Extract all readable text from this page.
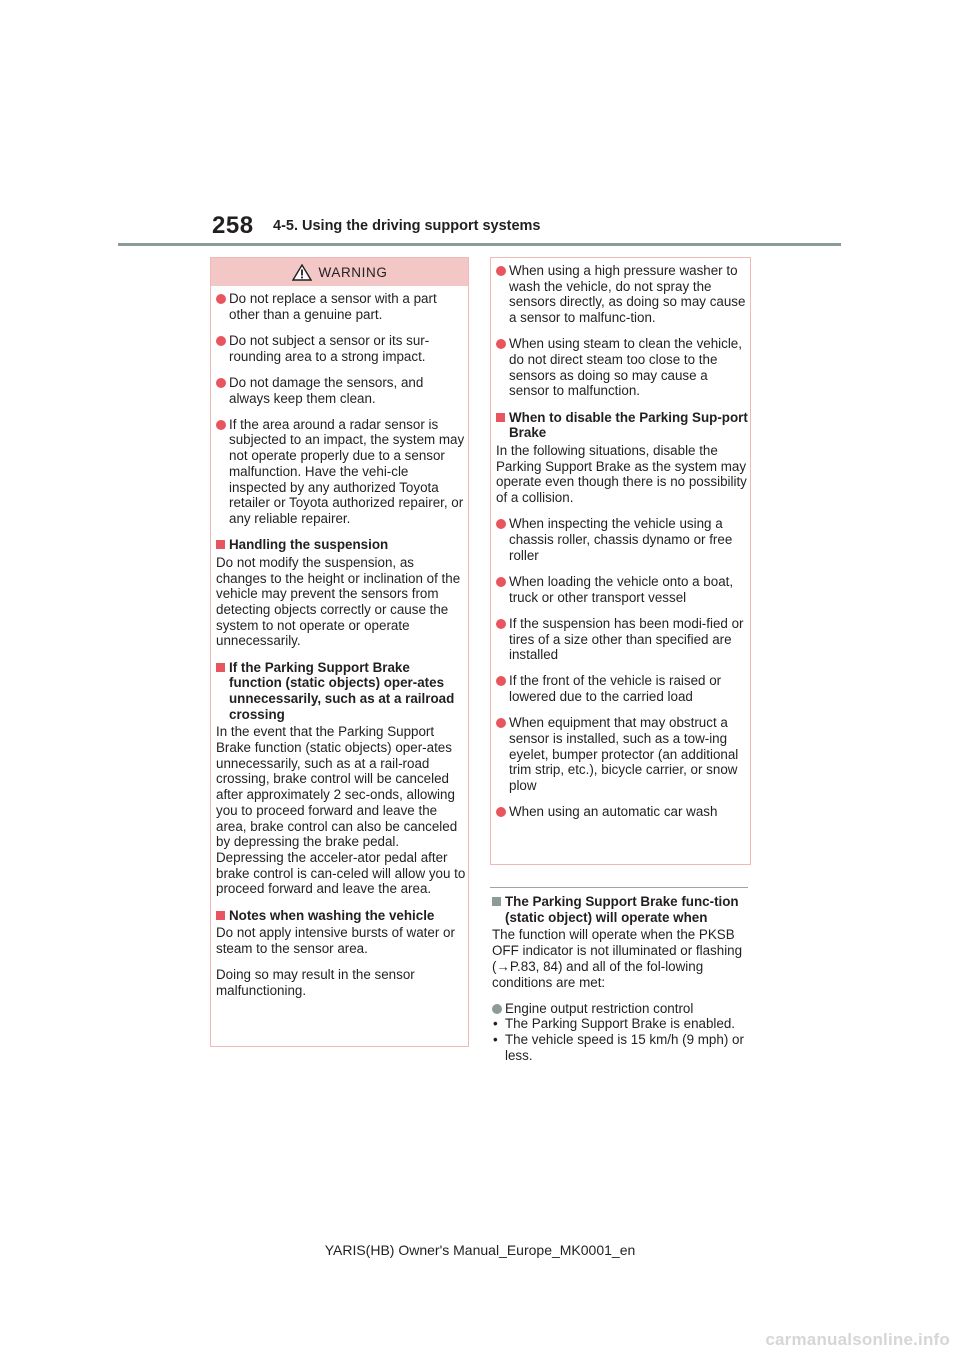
258 4-5. Using the driving support systems
WARNING
Do not replace a sensor with a part other than a genuine part.
Do not subject a sensor or its sur-rounding area to a strong impact.
Do not damage the sensors, and always keep them clean.
If the area around a radar sensor is subjected to an impact, the system may not operate properly due to a sensor malfunction. Have the vehi-cle inspected by any authorized Toyota retailer or Toyota authorized repairer, or any reliable repairer.
Handling the suspension
Do not modify the suspension, as changes to the height or inclination of the vehicle may prevent the sensors from detecting objects correctly or cause the system to not operate or operate unnecessarily.
If the Parking Support Brake function (static objects) oper-ates unnecessarily, such as at a railroad crossing
In the event that the Parking Support Brake function (static objects) oper-ates unnecessarily, such as at a rail-road crossing, brake control will be canceled after approximately 2 sec-onds, allowing you to proceed forward and leave the area, brake control can also be canceled by depressing the brake pedal. Depressing the acceler-ator pedal after brake control is can-celed will allow you to proceed forward and leave the area.
Notes when washing the vehicle
Do not apply intensive bursts of water or steam to the sensor area.
Doing so may result in the sensor malfunctioning.
When using a high pressure washer to wash the vehicle, do not spray the sensors directly, as doing so may cause a sensor to malfunc-tion.
When using steam to clean the vehicle, do not direct steam too close to the sensors as doing so may cause a sensor to malfunction.
When to disable the Parking Sup-port Brake
In the following situations, disable the Parking Support Brake as the system may operate even though there is no possibility of a collision.
When inspecting the vehicle using a chassis roller, chassis dynamo or free roller
When loading the vehicle onto a boat, truck or other transport vessel
If the suspension has been modi-fied or tires of a size other than specified are installed
If the front of the vehicle is raised or lowered due to the carried load
When equipment that may obstruct a sensor is installed, such as a tow-ing eyelet, bumper protector (an additional trim strip, etc.), bicycle carrier, or snow plow
When using an automatic car wash
The Parking Support Brake func-tion (static object) will operate when
The function will operate when the PKSB OFF indicator is not illuminated or flashing (→P.83, 84) and all of the fol-lowing conditions are met:
Engine output restriction control
• The Parking Support Brake is enabled.
• The vehicle speed is 15 km/h (9 mph) or less.
YARIS(HB) Owner's Manual_Europe_MK0001_en
carmanualsonline.info
